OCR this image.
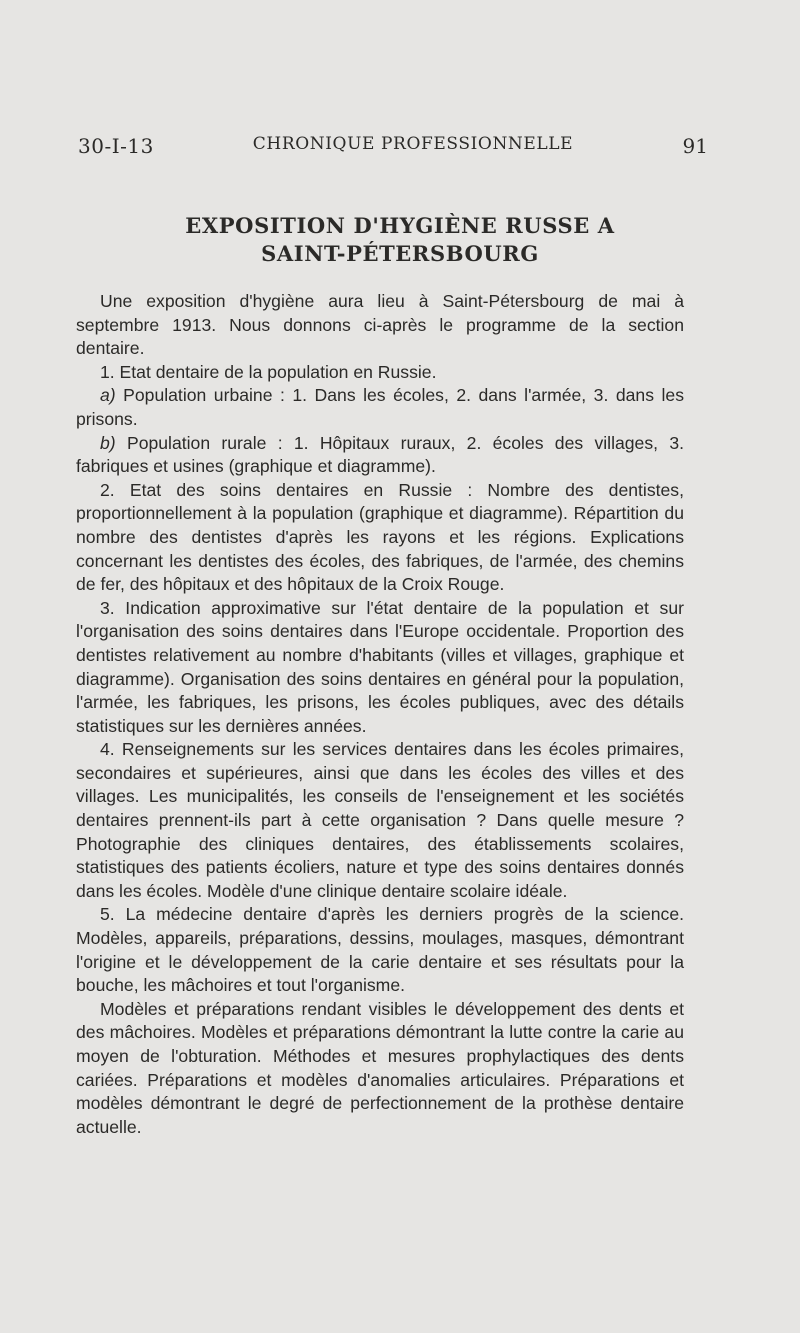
30-I-13	CHRONIQUE PROFESSIONNELLE	91
EXPOSITION D'HYGIÈNE RUSSE A
SAINT-PÉTERSBOURG

Une exposition d'hygiène aura lieu à Saint-Pétersbourg de mai à septembre 1913. Nous donnons ci-après le programme de la section dentaire.

1. Etat dentaire de la population en Russie.

a) Population urbaine : 1. Dans les écoles, 2. dans l'armée, 3. dans les prisons.

b) Population rurale : 1. Hôpitaux ruraux, 2. écoles des villages, 3. fabriques et usines (graphique et diagramme).

2. Etat des soins dentaires en Russie : Nombre des dentistes, proportionnellement à la population (graphique et diagramme). Répartition du nombre des dentistes d'après les rayons et les régions. Explications concernant les dentistes des écoles, des fabriques, de l'armée, des chemins de fer, des hôpitaux et des hôpitaux de la Croix Rouge.

3. Indication approximative sur l'état dentaire de la population et sur l'organisation des soins dentaires dans l'Europe occidentale. Proportion des dentistes relativement au nombre d'habitants (villes et villages, graphique et diagramme). Organisation des soins dentaires en général pour la population, l'armée, les fabriques, les prisons, les écoles publiques, avec des détails statistiques sur les dernières années.

4. Renseignements sur les services dentaires dans les écoles primaires, secondaires et supérieures, ainsi que dans les écoles des villes et des villages. Les municipalités, les conseils de l'enseignement et les sociétés dentaires prennent-ils part à cette organisation ? Dans quelle mesure ? Photographie des cliniques dentaires, des établissements scolaires, statistiques des patients écoliers, nature et type des soins dentaires donnés dans les écoles. Modèle d'une clinique dentaire scolaire idéale.

5. La médecine dentaire d'après les derniers progrès de la science. Modèles, appareils, préparations, dessins, moulages, masques, démontrant l'origine et le développement de la carie dentaire et ses résultats pour la bouche, les mâchoires et tout l'organisme.

Modèles et préparations rendant visibles le développement des dents et des mâchoires. Modèles et préparations démontrant la lutte contre la carie au moyen de l'obturation. Méthodes et mesures prophylactiques des dents cariées. Préparations et modèles d'anomalies articulaires. Préparations et modèles démontrant le degré de perfectionnement de la prothèse dentaire actuelle.
